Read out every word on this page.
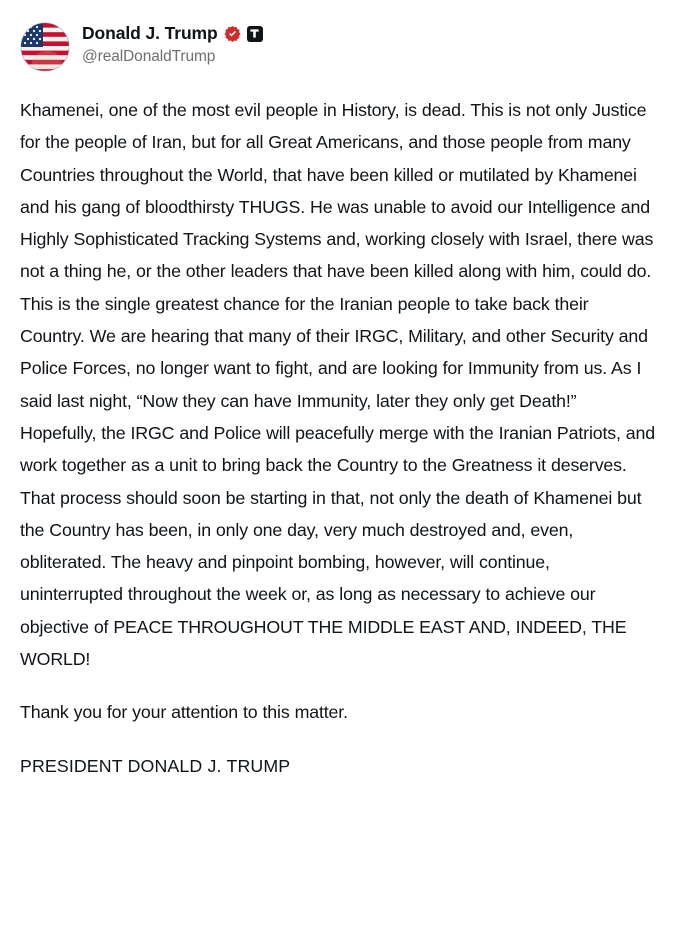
Donald J. Trump
@realDonaldTrump

Khamenei, one of the most evil people in History, is dead. This is not only Justice for the people of Iran, but for all Great Americans, and those people from many Countries throughout the World, that have been killed or mutilated by Khamenei and his gang of bloodthirsty THUGS. He was unable to avoid our Intelligence and Highly Sophisticated Tracking Systems and, working closely with Israel, there was not a thing he, or the other leaders that have been killed along with him, could do. This is the single greatest chance for the Iranian people to take back their Country. We are hearing that many of their IRGC, Military, and other Security and Police Forces, no longer want to fight, and are looking for Immunity from us. As I said last night, “Now they can have Immunity, later they only get Death!” Hopefully, the IRGC and Police will peacefully merge with the Iranian Patriots, and work together as a unit to bring back the Country to the Greatness it deserves. That process should soon be starting in that, not only the death of Khamenei but the Country has been, in only one day, very much destroyed and, even, obliterated. The heavy and pinpoint bombing, however, will continue, uninterrupted throughout the week or, as long as necessary to achieve our objective of PEACE THROUGHOUT THE MIDDLE EAST AND, INDEED, THE WORLD!

Thank you for your attention to this matter.

PRESIDENT DONALD J. TRUMP
